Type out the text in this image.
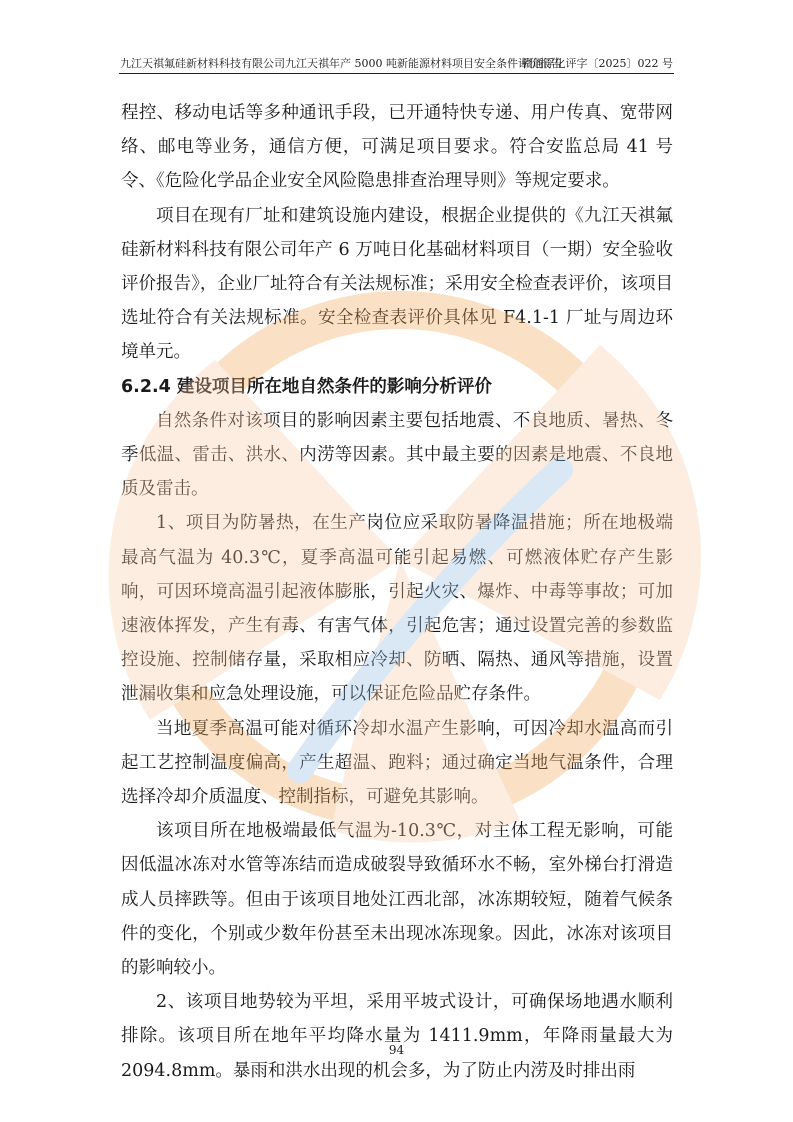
九江天祺氟硅新材料科技有限公司九江天祺年产 5000 吨新能源材料项目安全条件评价报告
赣通浮化评字〔2025〕022 号

程控、移动电话等多种通讯手段，已开通特快专递、用户传真、宽带网络、邮电等业务，通信方便，可满足项目要求。符合安监总局 41 号令、《危险化学品企业安全风险隐患排查治理导则》等规定要求。

项目在现有厂址和建筑设施内建设，根据企业提供的《九江天祺氟硅新材料科技有限公司年产 6 万吨日化基础材料项目（一期）安全验收评价报告》，企业厂址符合有关法规标准；采用安全检查表评价，该项目选址符合有关法规标准。安全检查表评价具体见 F4.1-1 厂址与周边环境单元。

6.2.4 建设项目所在地自然条件的影响分析评价

自然条件对该项目的影响因素主要包括地震、不良地质、暑热、冬季低温、雷击、洪水、内涝等因素。其中最主要的因素是地震、不良地质及雷击。

1、项目为防暑热，在生产岗位应采取防暑降温措施；所在地极端最高气温为 40.3℃，夏季高温可能引起易燃、可燃液体贮存产生影响，可因环境高温引起液体膨胀，引起火灾、爆炸、中毒等事故；可加速液体挥发，产生有毒、有害气体，引起危害；通过设置完善的参数监控设施、控制储存量，采取相应冷却、防晒、隔热、通风等措施，设置泄漏收集和应急处理设施，可以保证危险品贮存条件。

当地夏季高温可能对循环冷却水温产生影响，可因冷却水温高而引起工艺控制温度偏高，产生超温、跑料；通过确定当地气温条件，合理选择冷却介质温度、控制指标，可避免其影响。

该项目所在地极端最低气温为-10.3℃，对主体工程无影响，可能因低温冰冻对水管等冻结而造成破裂导致循环水不畅，室外梯台打滑造成人员摔跌等。但由于该项目地处江西北部，冰冻期较短，随着气候条件的变化，个别或少数年份甚至未出现冰冻现象。因此，冰冻对该项目的影响较小。

2、该项目地势较为平坦，采用平坡式设计，可确保场地遇水顺利排除。该项目所在地年平均降水量为 1411.9mm，年降雨量最大为 2094.8mm。暴雨和洪水出现的机会多，为了防止内涝及时排出雨

94
